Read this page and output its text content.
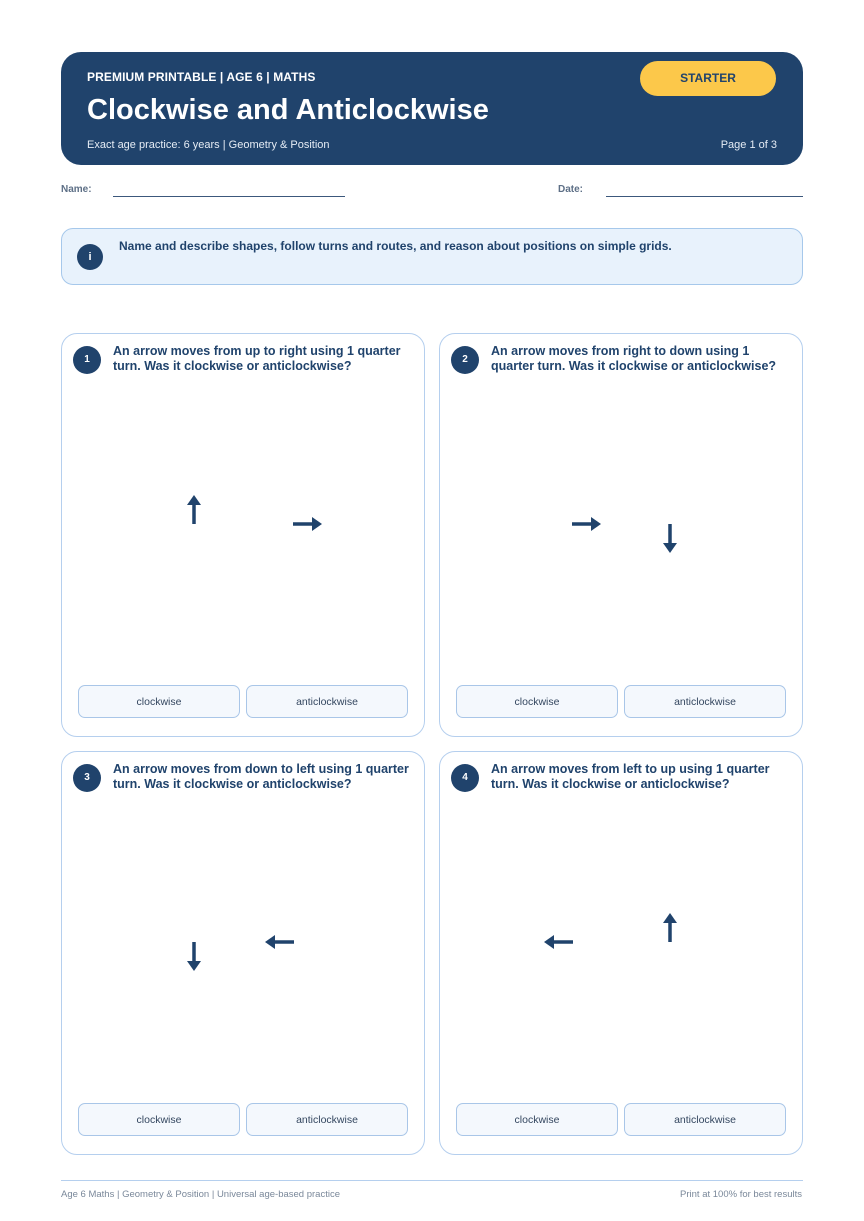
PREMIUM PRINTABLE | AGE 6 | MATHS
Clockwise and Anticlockwise
Exact age practice: 6 years | Geometry & Position	Page 1 of 3
STARTER
Name:	Date:
i
Name and describe shapes, follow turns and routes, and reason about positions on simple grids.
1
An arrow moves from up to right using 1 quarter turn. Was it clockwise or anticlockwise?
clockwise	anticlockwise
2
An arrow moves from right to down using 1 quarter turn. Was it clockwise or anticlockwise?
clockwise	anticlockwise
3
An arrow moves from down to left using 1 quarter turn. Was it clockwise or anticlockwise?
clockwise	anticlockwise
4
An arrow moves from left to up using 1 quarter turn. Was it clockwise or anticlockwise?
clockwise	anticlockwise
Age 6 Maths | Geometry & Position | Universal age-based practice	Print at 100% for best results
